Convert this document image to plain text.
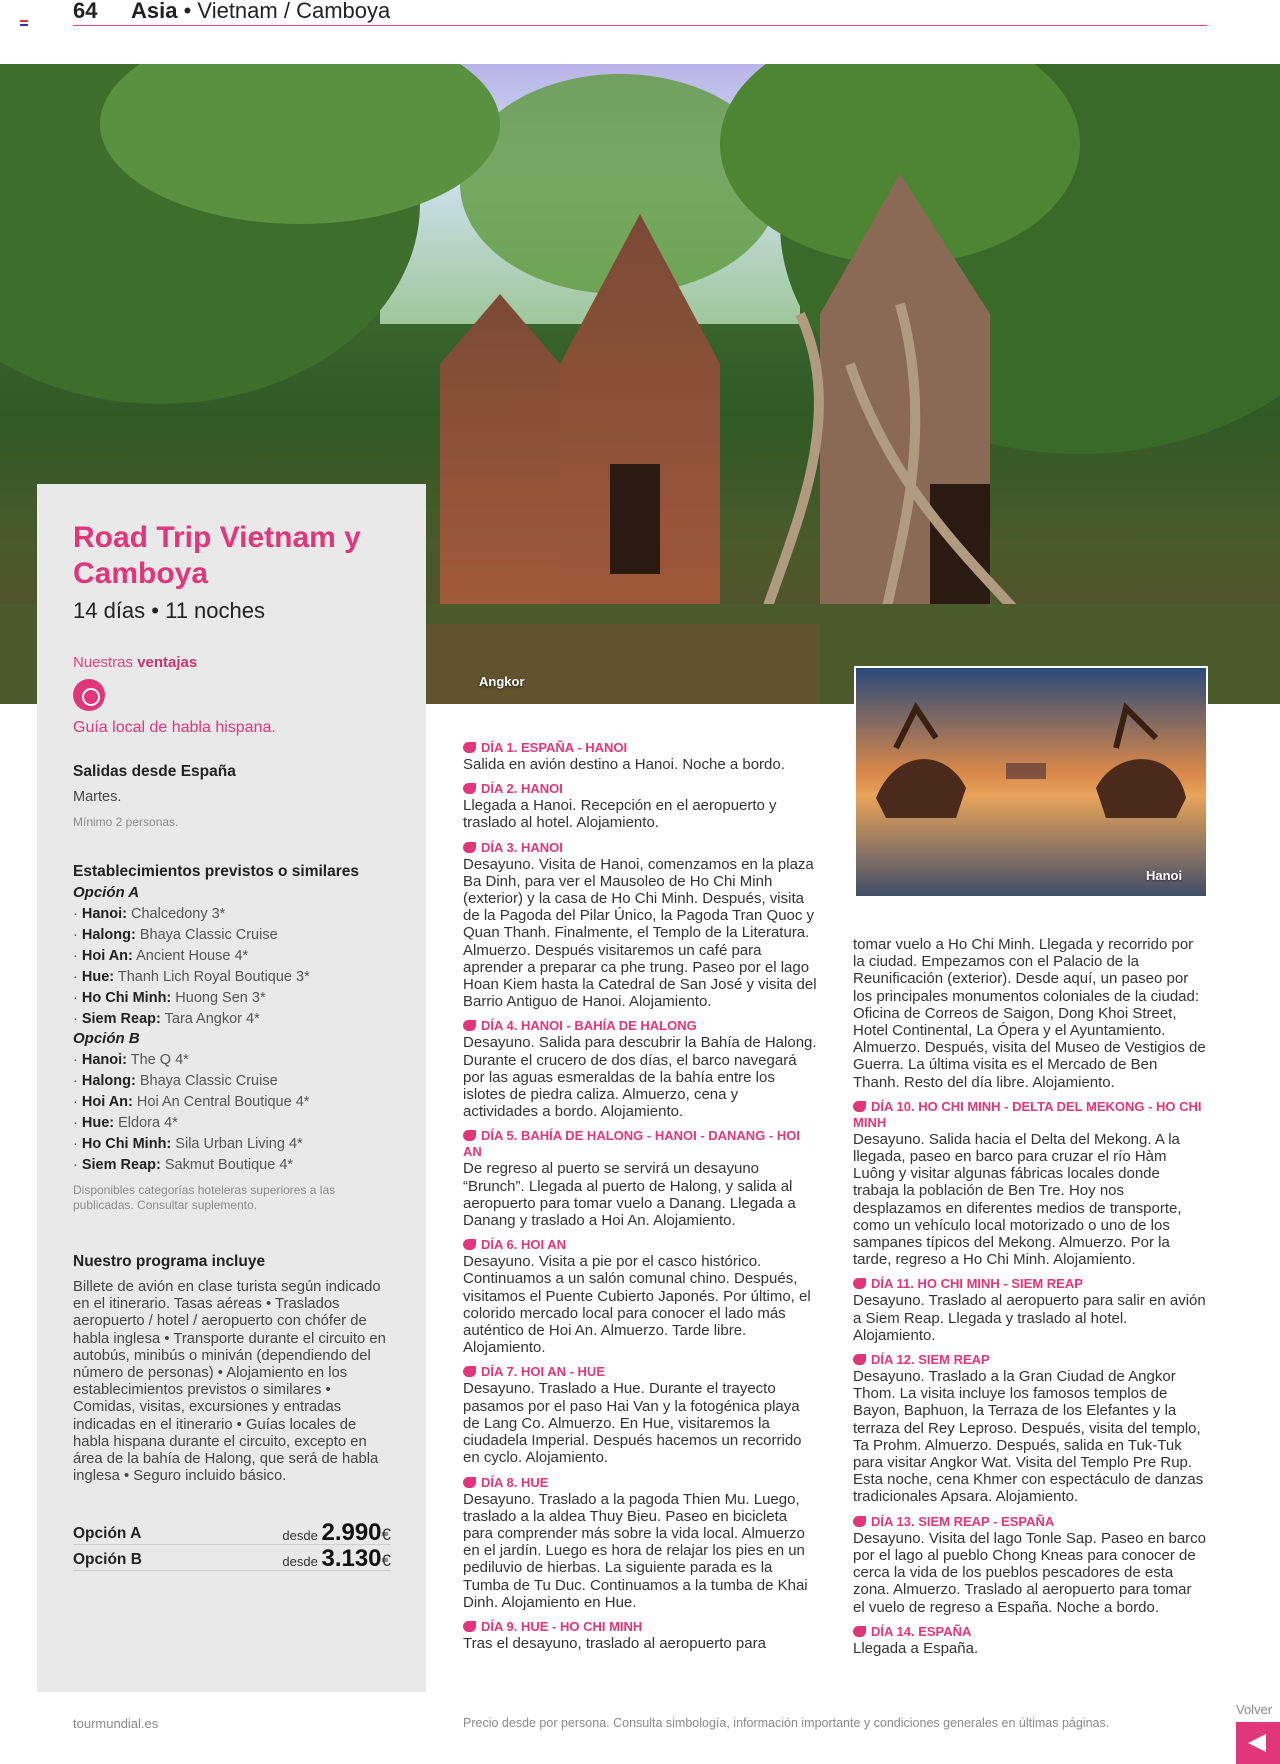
64 Asia • Vietnam / Camboya
Angkor
Hanoi
Road Trip Vietnam y Camboya
14 días • 11 noches
Nuestras ventajas
Guía local de habla hispana.
Salidas desde España
Martes.
Mínimo 2 personas.
Establecimientos previstos o similares
Opción A
· Hanoi: Chalcedony 3*
· Halong: Bhaya Classic Cruise
· Hoi An: Ancient House 4*
· Hue: Thanh Lich Royal Boutique 3*
· Ho Chi Minh: Huong Sen 3*
· Siem Reap: Tara Angkor 4*
Opción B
· Hanoi: The Q 4*
· Halong: Bhaya Classic Cruise
· Hoi An: Hoi An Central Boutique 4*
· Hue: Eldora 4*
· Ho Chi Minh: Sila Urban Living 4*
· Siem Reap: Sakmut Boutique 4*
Disponibles categorías hoteleras superiores a las publicadas. Consultar suplemento.
Nuestro programa incluye
Billete de avión en clase turista según indicado en el itinerario. Tasas aéreas • Traslados aeropuerto / hotel / aeropuerto con chófer de habla inglesa • Transporte durante el circuito en autobús, minibús o miniván (dependiendo del número de personas) • Alojamiento en los establecimientos previstos o similares • Comidas, visitas, excursiones y entradas indicadas en el itinerario • Guías locales de habla hispana durante el circuito, excepto en área de la bahía de Halong, que será de habla inglesa • Seguro incluido básico.
Opción A	desde 2.990€
Opción B	desde 3.130€
DÍA 1. ESPAÑA - HANOI
Salida en avión destino a Hanoi. Noche a bordo.
DÍA 2. HANOI
Llegada a Hanoi. Recepción en el aeropuerto y traslado al hotel. Alojamiento.
DÍA 3. HANOI
Desayuno. Visita de Hanoi, comenzamos en la plaza Ba Dinh, para ver el Mausoleo de Ho Chi Minh (exterior) y la casa de Ho Chi Minh. Después, visita de la Pagoda del Pilar Único, la Pagoda Tran Quoc y Quan Thanh. Finalmente, el Templo de la Literatura. Almuerzo. Después visitaremos un café para aprender a preparar ca phe trung. Paseo por el lago Hoan Kiem hasta la Catedral de San José y visita del Barrio Antiguo de Hanoi. Alojamiento.
DÍA 4. HANOI - BAHÍA DE HALONG
Desayuno. Salida para descubrir la Bahía de Halong. Durante el crucero de dos días, el barco navegará por las aguas esmeraldas de la bahía entre los islotes de piedra caliza. Almuerzo, cena y actividades a bordo. Alojamiento.
DÍA 5. BAHÍA DE HALONG - HANOI - DANANG - HOI AN
De regreso al puerto se servirá un desayuno “Brunch”. Llegada al puerto de Halong, y salida al aeropuerto para tomar vuelo a Danang. Llegada a Danang y traslado a Hoi An. Alojamiento.
DÍA 6. HOI AN
Desayuno. Visita a pie por el casco histórico. Continuamos a un salón comunal chino. Después, visitamos el Puente Cubierto Japonés. Por último, el colorido mercado local para conocer el lado más auténtico de Hoi An. Almuerzo. Tarde libre. Alojamiento.
DÍA 7. HOI AN - HUE
Desayuno. Traslado a Hue. Durante el trayecto pasamos por el paso Hai Van y la fotogénica playa de Lang Co. Almuerzo. En Hue, visitaremos la ciudadela Imperial. Después hacemos un recorrido en cyclo. Alojamiento.
DÍA 8. HUE
Desayuno. Traslado a la pagoda Thien Mu. Luego, traslado a la aldea Thuy Bieu. Paseo en bicicleta para comprender más sobre la vida local. Almuerzo en el jardín. Luego es hora de relajar los pies en un pediluvio de hierbas. La siguiente parada es la Tumba de Tu Duc. Continuamos a la tumba de Khai Dinh. Alojamiento en Hue.
DÍA 9. HUE - HO CHI MINH
Tras el desayuno, traslado al aeropuerto para
tomar vuelo a Ho Chi Minh. Llegada y recorrido por la ciudad. Empezamos con el Palacio de la Reunificación (exterior). Desde aquí, un paseo por los principales monumentos coloniales de la ciudad: Oficina de Correos de Saigon, Dong Khoi Street, Hotel Continental, La Ópera y el Ayuntamiento. Almuerzo. Después, visita del Museo de Vestigios de Guerra. La última visita es el Mercado de Ben Thanh. Resto del día libre. Alojamiento.
DÍA 10. HO CHI MINH - DELTA DEL MEKONG - HO CHI MINH
Desayuno. Salida hacia el Delta del Mekong. A la llegada, paseo en barco para cruzar el río Hàm Luông y visitar algunas fábricas locales donde trabaja la población de Ben Tre. Hoy nos desplazamos en diferentes medios de transporte, como un vehículo local motorizado o uno de los sampanes típicos del Mekong. Almuerzo. Por la tarde, regreso a Ho Chi Minh. Alojamiento.
DÍA 11. HO CHI MINH - SIEM REAP
Desayuno. Traslado al aeropuerto para salir en avión a Siem Reap. Llegada y traslado al hotel. Alojamiento.
DÍA 12. SIEM REAP
Desayuno. Traslado a la Gran Ciudad de Angkor Thom. La visita incluye los famosos templos de Bayon, Baphuon, la Terraza de los Elefantes y la terraza del Rey Leproso. Después, visita del templo, Ta Prohm. Almuerzo. Después, salida en Tuk-Tuk para visitar Angkor Wat. Visita del Templo Pre Rup. Esta noche, cena Khmer con espectáculo de danzas tradicionales Apsara. Alojamiento.
DÍA 13. SIEM REAP - ESPAÑA
Desayuno. Visita del lago Tonle Sap. Paseo en barco por el lago al pueblo Chong Kneas para conocer de cerca la vida de los pueblos pescadores de esta zona. Almuerzo. Traslado al aeropuerto para tomar el vuelo de regreso a España. Noche a bordo.
DÍA 14. ESPAÑA
Llegada a España.
tourmundial.es	Precio desde por persona. Consulta simbología, información importante y condiciones generales en últimas páginas.
Volver
